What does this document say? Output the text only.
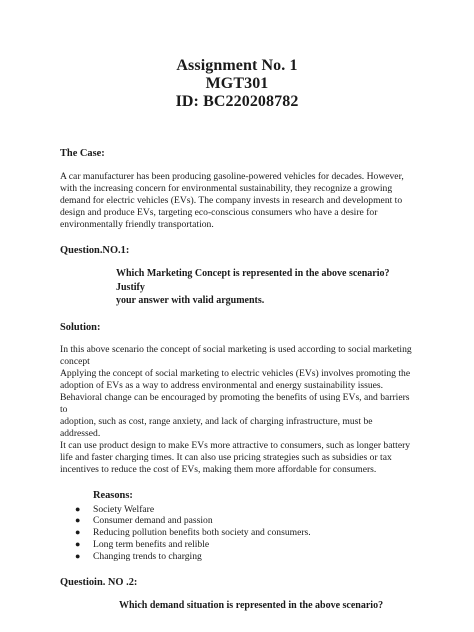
Assignment No. 1
MGT301
ID: BC220208782
The Case:
A car manufacturer has been producing gasoline-powered vehicles for decades. However,
with the increasing concern for environmental sustainability, they recognize a growing
demand for electric vehicles (EVs). The company invests in research and development to
design and produce EVs, targeting eco-conscious consumers who have a desire for
environmentally friendly transportation.
Question.NO.1:
Which Marketing Concept is represented in the above scenario? Justify
your answer with valid arguments.
Solution:
In this above scenario the concept of social marketing is used according to social marketing
concept
Applying the concept of social marketing to electric vehicles (EVs) involves promoting the
adoption of EVs as a way to address environmental and energy sustainability issues.
Behavioral change can be encouraged by promoting the benefits of using EVs, and barriers to
adoption, such as cost, range anxiety, and lack of charging infrastructure, must be addressed.
It can use product design to make EVs more attractive to consumers, such as longer battery
life and faster charging times. It can also use pricing strategies such as subsidies or tax
incentives to reduce the cost of EVs, making them more affordable for consumers.
Reasons:
●	Society Welfare
●	Consumer demand and passion
●	Reducing pollution benefits both society and consumers.
●	Long term benefits and relible
●	Changing trends to charging
Questioin. NO .2:
Which demand situation is represented in the above scenario?
